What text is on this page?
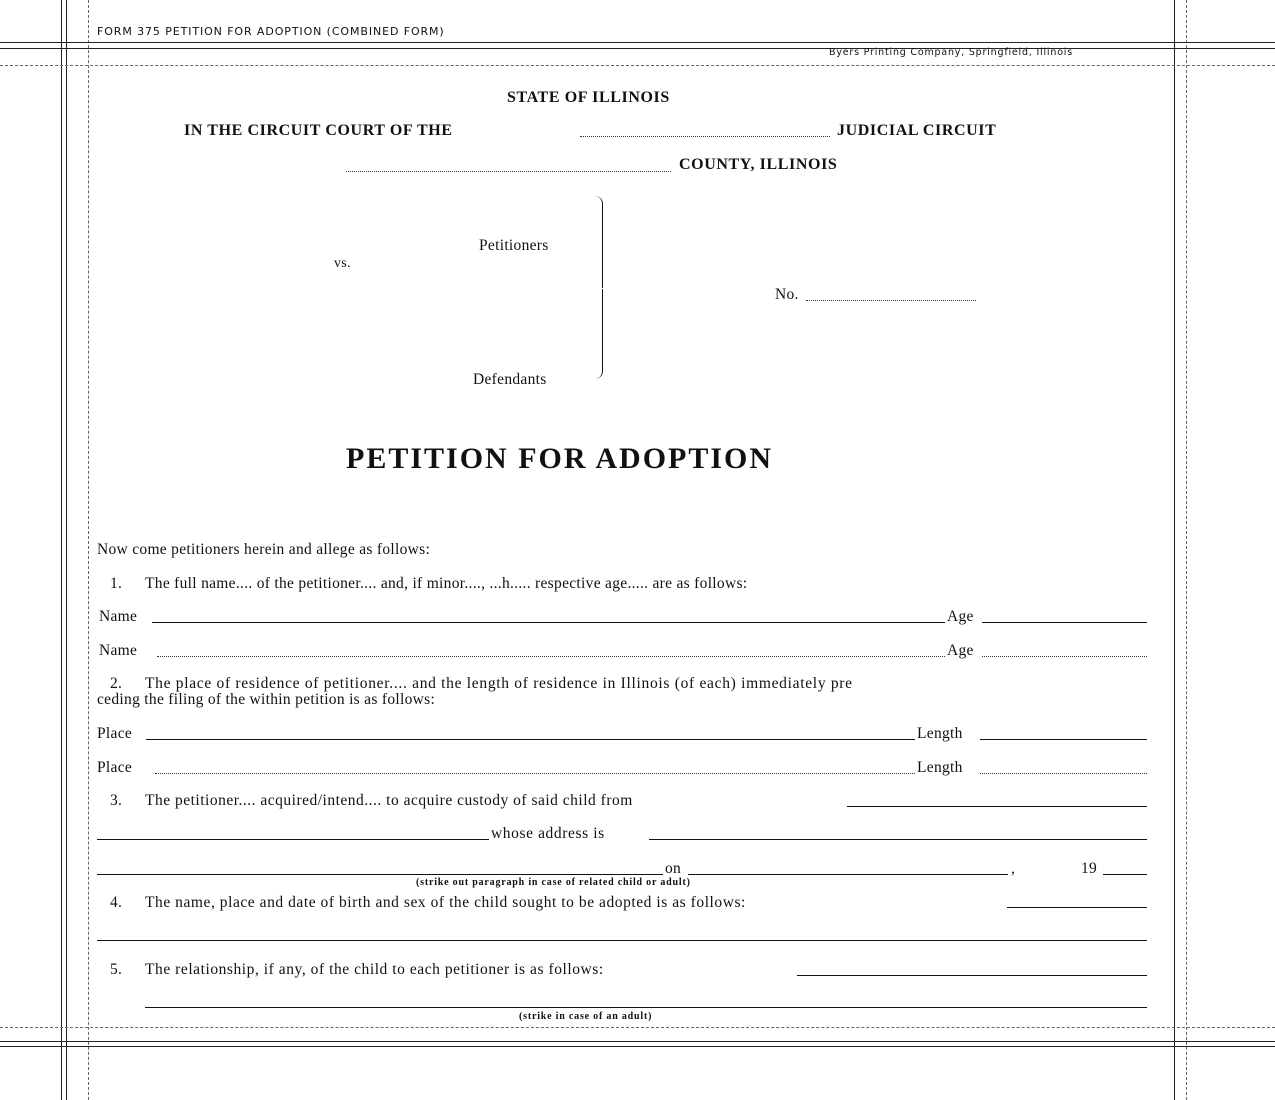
FORM 375 PETITION FOR ADOPTION (COMBINED FORM)
Byers Printing Company, Springfield, Illinois
STATE OF ILLINOIS
IN THE CIRCUIT COURT OF THE	JUDICIAL CIRCUIT
COUNTY, ILLINOIS
Petitioners
vs.
Defendants
No.
PETITION FOR ADOPTION
Now come petitioners herein and allege as follows:
1. The full name.... of the petitioner.... and, if minor...., ...h..... respective age..... are as follows:
Name	Age
Name	Age
2. The place of residence of petitioner.... and the length of residence in Illinois (of each) immediately pre
ceding the filing of the within petition is as follows:
Place	Length
Place	Length
3. The petitioner.... acquired/intend.... to acquire custody of said child from
whose address is
on	,	19
(strike out paragraph in case of related child or adult)
4. The name, place and date of birth and sex of the child sought to be adopted is as follows:
5. The relationship, if any, of the child to each petitioner is as follows:
(strike in case of an adult)
